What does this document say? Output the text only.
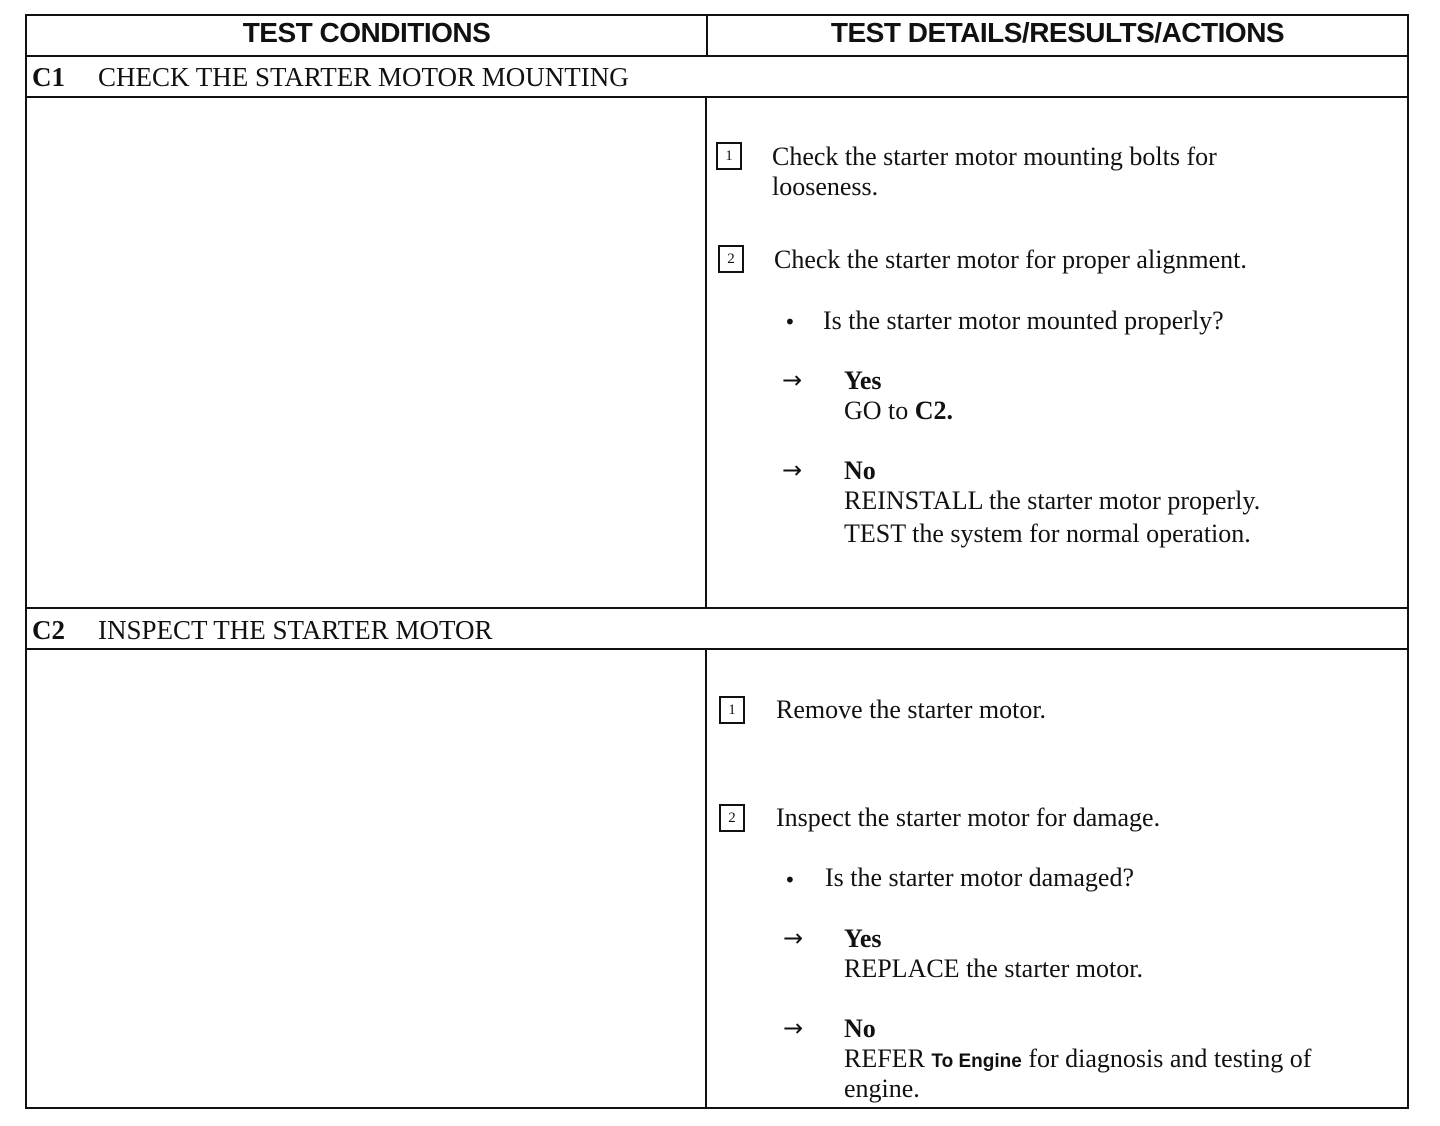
TEST CONDITIONS	TEST DETAILS/RESULTS/ACTIONS
C1 CHECK THE STARTER MOTOR MOUNTING
1	Check the starter motor mounting bolts for
looseness.
2	Check the starter motor for proper alignment.
• Is the starter motor mounted properly?
→ Yes
GO to C2.
→ No
REINSTALL the starter motor properly.
TEST the system for normal operation.
C2 INSPECT THE STARTER MOTOR
1	Remove the starter motor.
2	Inspect the starter motor for damage.
• Is the starter motor damaged?
→ Yes
REPLACE the starter motor.
→ No
REFER To Engine for diagnosis and testing of
engine.
